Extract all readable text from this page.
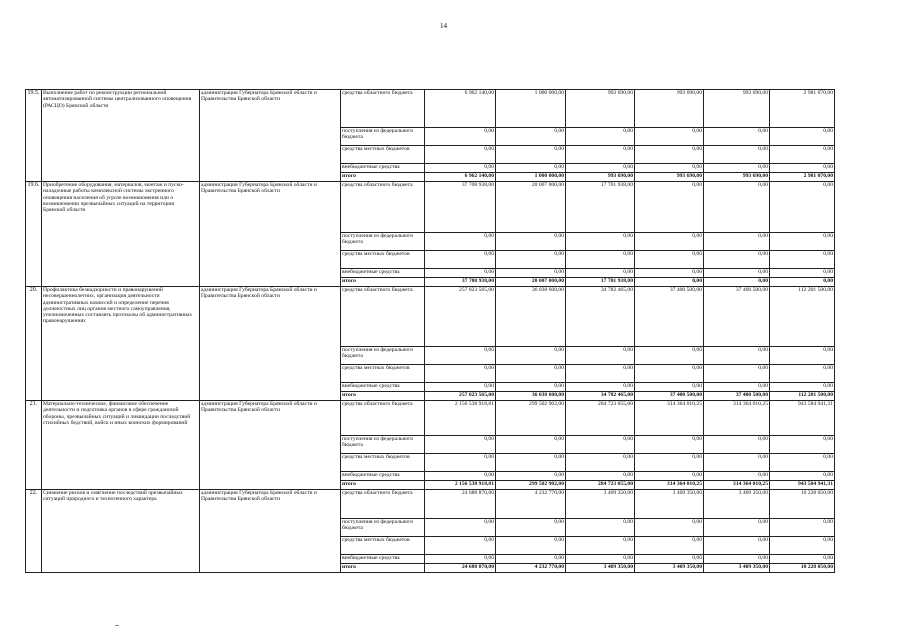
14
19.5.	Выполнение работ по реконструкции региональной автоматизированной системы централизованного оповещения (РАСЦО) Брянской области	администрация Губернатора Брянской области и Правительства Брянской области	средства областного бюджета	6 962 140,00	1 000 000,00	993 690,00	993 690,00	993 690,00	2 981 070,00
			поступления из федерального бюджета	0,00	0,00	0,00	0,00	0,00	0,00
			средства местных бюджетов	0,00	0,00	0,00	0,00	0,00	0,00
			внебюджетные средства	0,00	0,00	0,00	0,00	0,00	0,00
			итого	6 962 140,00	1 000 000,00	993 690,00	993 690,00	993 690,00	2 981 070,00
19.6.	Приобретение оборудования, материалов, монтаж и пуско-наладочные работы комплексной системы экстренного оповещения населения об угрозе возникновения или о возникновении чрезвычайных ситуаций на территории Брянской области	администрация Губернатора Брянской области и Правительства Брянской области	средства областного бюджета	37 708 938,00	20 007 000,00	17 701 938,00	0,00	0,00	0,00
			поступления из федерального бюджета	0,00	0,00	0,00	0,00	0,00	0,00
			средства местных бюджетов	0,00	0,00	0,00	0,00	0,00	0,00
			внебюджетные средства	0,00	0,00	0,00	0,00	0,00	0,00
			итого	37 708 938,00	20 007 000,00	17 701 938,00	0,00	0,00	0,00
20.	Профилактика безнадзорности и правонарушений несовершеннолетних, организация деятельности административных комиссий и определение перечня должностных лиц органов местного самоуправления, уполномоченных составлять протоколы об административных правонарушениях	администрация Губернатора Брянской области и Правительства Брянской области	средства областного бюджета	257 823 565,00	36 038 600,00	34 782 465,00	37 400 500,00	37 400 500,00	112 201 500,00
			поступления из федерального бюджета	0,00	0,00	0,00	0,00	0,00	0,00
			средства местных бюджетов	0,00	0,00	0,00	0,00	0,00	0,00
			внебюджетные средства	0,00	0,00	0,00	0,00	0,00	0,00
			итого	257 823 565,00	36 038 600,00	34 782 465,00	37 400 500,00	37 400 500,00	112 201 500,00
21.	Материально-техническое, финансовое обеспечение деятельности и подготовка органов в сфере гражданской обороны, чрезвычайных ситуаций и ликвидации последствий стихийных бедствий, войск и иных воинских формирований	администрация Губернатора Брянской области и Правительства Брянской области	средства областного бюджета	2 156 538 918,81	299 502 902,00	284 723 055,00	314 364 010,25	314 364 010,25	943 584 941,31
			поступления из федерального бюджета	0,00	0,00	0,00	0,00	0,00	0,00
			средства местных бюджетов	0,00	0,00	0,00	0,00	0,00	0,00
			внебюджетные средства	0,00	0,00	0,00	0,00	0,00	0,00
			итого	2 156 538 918,81	299 502 902,00	284 723 055,00	314 364 010,25	314 364 010,25	943 584 941,31
22.	Снижение рисков и смягчение последствий чрезвычайных ситуаций природного и техногенного характера	администрация Губернатора Брянской области и Правительства Брянской области	средства областного бюджета	24 688 870,00	4 232 770,00	3 409 350,00	3 409 350,00	3 409 350,00	10 228 050,00
			поступления из федерального бюджета	0,00	0,00	0,00	0,00	0,00	0,00
			средства местных бюджетов	0,00	0,00	0,00	0,00	0,00	0,00
			внебюджетные средства	0,00	0,00	0,00	0,00	0,00	0,00
			итого	24 688 870,00	4 232 770,00	3 409 350,00	3 409 350,00	3 409 350,00	10 228 050,00
